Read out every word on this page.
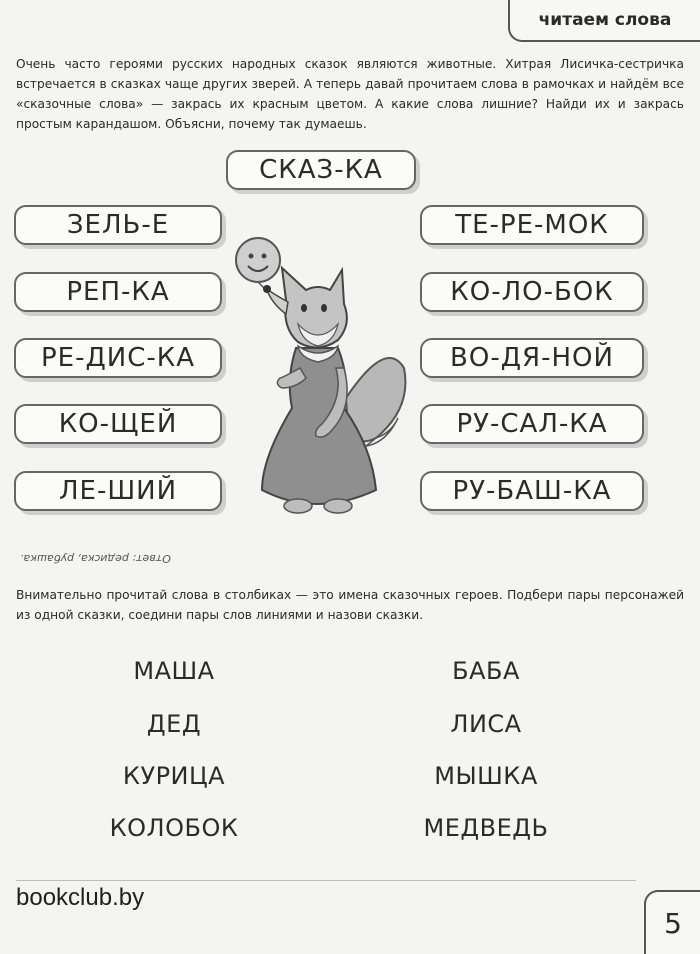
читаем слова

Очень часто героями русских народных сказок являются животные. Хитрая Лисичка-сестричка встречается в сказках чаще других зверей. А теперь давай прочитаем слова в рамочках и найдём все «сказочные слова» — закрась их красным цветом. А какие слова лишние? Найди их и закрась простым карандашом. Объясни, почему так думаешь.

СКАЗ-КА
ЗЕЛЬ-Е
РЕП-КА
РЕ-ДИС-КА
КО-ЩЕЙ
ЛЕ-ШИЙ
ТЕ-РЕ-МОК
КО-ЛО-БОК
ВО-ДЯ-НОЙ
РУ-САЛ-КА
РУ-БАШ-КА
Ответ: редиска, рубашка.

Внимательно прочитай слова в столбиках — это имена сказочных героев. Подбери пары персонажей из одной сказки, соедини пары слов линиями и назови сказки.

МАША
ДЕД
КУРИЦА
КОЛОБОК
БАБА
ЛИСА
МЫШКА
МЕДВЕДЬ
bookclub.by
5
